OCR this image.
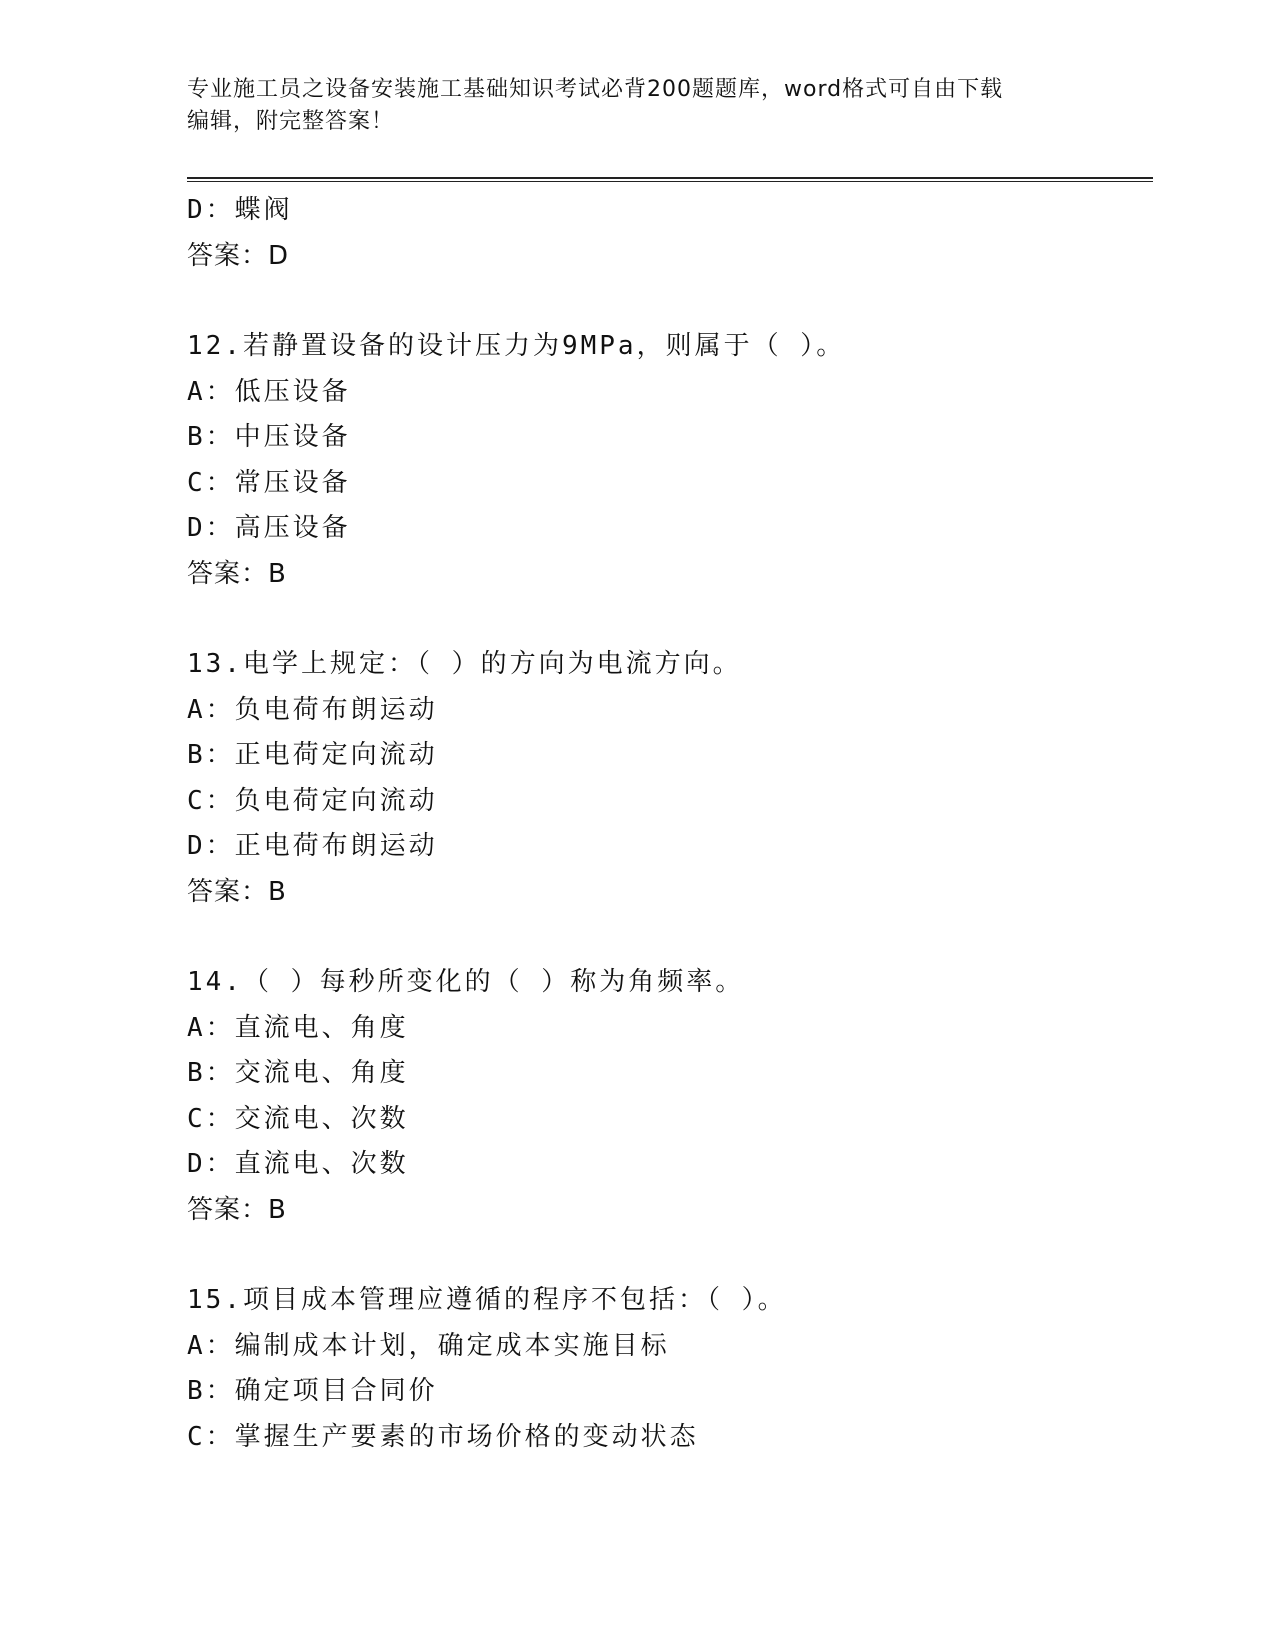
专业施工员之设备安装施工基础知识考试必背200题题库，word格式可自由下载
编辑，附完整答案！
D：蝶阀
答案：D
12.若静置设备的设计压力为9MPa，则属于（ ）。
A：低压设备
B：中压设备
C：常压设备
D：高压设备
答案：B
13.电学上规定：（ ）的方向为电流方向。
A：负电荷布朗运动
B：正电荷定向流动
C：负电荷定向流动
D：正电荷布朗运动
答案：B
14.（ ）每秒所变化的（ ）称为角频率。
A：直流电、角度
B：交流电、角度
C：交流电、次数
D：直流电、次数
答案：B
15.项目成本管理应遵循的程序不包括：（ ）。
A：编制成本计划，确定成本实施目标
B：确定项目合同价
C：掌握生产要素的市场价格的变动状态
